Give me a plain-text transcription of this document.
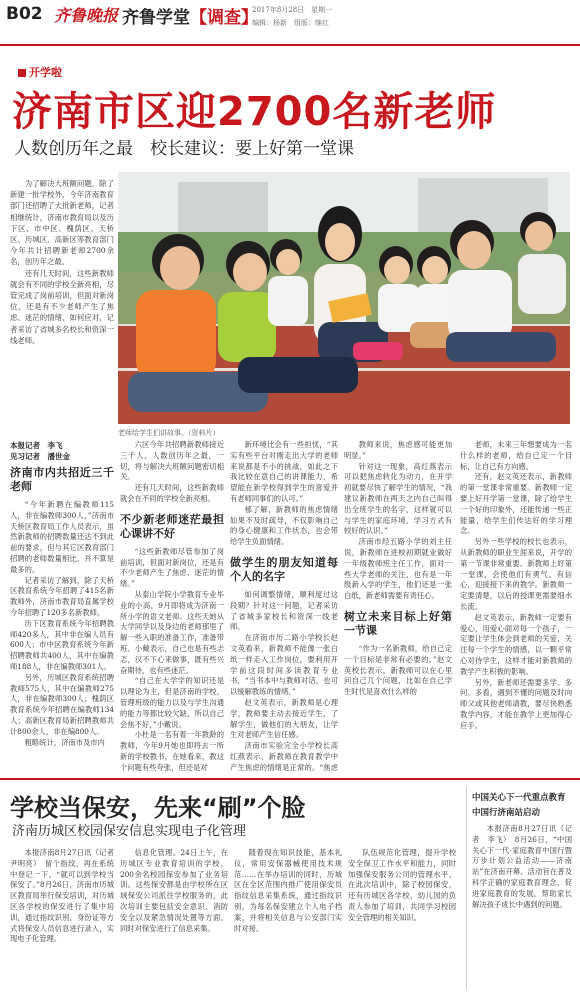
B02 齐鲁晚报 齐鲁学堂【调查】
2017年8月28日　星期一
编辑：杨新　组版：继红
开学啦
济南市区迎2700名新老师
人数创历年之最　校长建议：要上好第一堂课

为了解决大班额问题，除了新建一批学校外，今年济南教育部门还招聘了大批新老师，记者相继统计，济南市教育局以及历下区、市中区、槐荫区、天桥区、历城区、高新区等教育部门今年共计招聘新老师2700余名，创历年之最。

还有几天时间，这些新教师就会有不同的学校全新亮相，尽管完成了岗前培训，但面对新岗位，还是有不少老师产生了焦虑、迷茫的情绪，如何应对，记者采访了省城多名校长和资深一线老师。

老师给学生们讲故事。（资料片）
本报记者　李飞
见习记者　潘世金
济南市内共招近三千老师

“今年新聘在编教师115人，非在编教师300人，”济南市天桥区教育局工作人员表示，虽然新教师的招聘数量还达不到此前的要求，但与其它区教育部门招聘的老师数量相比，并不算是最多的。

记者采访了解到，除了天桥区教育系统今年招聘了415名新教师外，济南市教育局直属学校今年招聘了120多名新教师。

历下区教育系统今年招聘教师420多人，其中非在编人员有600人；市中区教育系统今年新招聘教师共400人，其中在编教师188人，非在编教师301人。

另外，历城区教育系统招聘教师575人，其中在编教师275人，非在编教师300人；槐荫区教育系统今年招聘在编教师134人；高新区教育局新招聘教师共计800余人，非在编800人。

粗略统计，济南市及市内

六区今年共招聘新教师接近三千人，人数创历年之最，一切，将与解决大班额问题密切相关。

还有几天时间，这些新教师就会在不同的学校全新亮相。

不少新老师迷茫最担心课讲不好

“这些新教师尽管参加了岗前培训，但面对新岗位，还是有不少老师产生了焦虑、迷茫的情绪。”

从泰山学院小学教育专业毕业的小高，9月即将成为济南一所小学的语文老师。这些天她从大学同学以及身边的老师那里了解一些入职的准备工作，准备带班、小戴表示，自己也是有些忐忑，汉不下心来做事，既有些兴奋期待，也有些迷茫。

“自己在大学学的知识还是以理论为主，但是济南的学校，管理班级的能力以及与学生沟通的能力等都比较欠缺，所以自己会焦不好，”小戴说。

小杜是一名有着一年教龄的教师，今年9月她也即将去一所新的学校教书，在她看来，教这个问题有些夸张，但还是对

新环境比会有一些担忧，“其实有些平台对刚走出大学的老师来说都是不小的挑战，如此之下我比较在意自己的讲课能力，希望能在新学校得到学生的喜爱并有老师同事们的认可。”

郁了解，新教师的焦虑情绪如果不及时疏导，不仅影响自己的身心健康和工作状态，也会带给学生负面情绪。

做学生的朋友知道每个人的名字

如何调整情绪，顺利度过这段期？针对这一问题，记者采访了省城多家校长和资深一线老师。

在济南市历二路小学校长赵文英看来，新教师不能像一张白纸一样走入工作岗位，要利用开学前这段时间多读教育专业书，“当书本中与教师对话，也可以缓解教练的情绪。”

赵文英表示，新教师是心理学，教师要主动去接近学生，了解学生，做他们的大朋友，让学生对老师产生信任感。

济南市实验完全小学校长高红燕表示，新教师在教育教学中产生焦虑的情绪是正常的。“焦虑

教师来说，焦虑感可能更加明显。”

针对这一现象，高红燕表示可以把焦虑转化为动力，在开学初就要尽快了解学生的情况，“我建议新教师在两天之内自己叫得出全班学生的名字，这样就可以与学生的家庭环境、学习方式有较好的认识。”

济南市经五路小学的刘主任说，新教师在进校初期就业做好一年级教师班主任工作，面对一些大学老师的关注，也有是一年级新入学的学生，他们还是一张白纸，新老师需要有责任心。

树立未来目标上好第一节课

“作为一名新教师，给自己定一个目标是非常有必要的。”赵文英校长表示，新教师可以在心里问自己几个问题，比如在自己学生时代是喜欢什么样的

老师，未来三年想要成为一名什么样的老师，给自己定一个目标，让自己有方向感。

还有，赵文英还表示，新教师的第一堂课非常重要。新教师一定要上好开学第一堂课，除了给学生一个好的印象外，还能传递一些正能量，给学生们传达好的学习理念。

另外一些学校的校长也表示，从新教师的职业生涯来说，开学的第一节课非常重要。新教师上好第一堂课，会使他们有勇气、有信心，迎接接下来的教学。新教师一定要清楚，以后的授课更需要细水长流。

赵文英表示，新教师一定要有爱心，用爱心面对每一个孩子，一定要让学生体会到老师的关爱，关注每一个学生的情感，以一颗平常心对待学生，这样才能对新教师的教学产生积极的影响。

另外，新老师还需要多学、多问、多看，遇到不懂的问题及时向师父或其他老师请教，要尽快熟悉教学内容，才能在教学上更加得心应手。

学校当保安，先来“刷”个脸
济南历城区校园保安信息实现电子化管理
中国关心下一代重点教育
中国行济南站启动

本报济南8月27日讯（记者　尹明亮）　留个指纹，再在系统中登记一下，“就可以到学校当保安了。”8月26日，济南市历城区教育局举行保安培训，对历城区各学校的保安进行了集中培训，通过指纹识别，身份证等方式将保安人员信息进行录入，实现电子化管理。

信息化管理。24日上午，在历城区专业教育培训的学校，200余名校园保安参加了业务培训。这些保安都是由学校所在区域保安公司派往学校服务的，此次培训主要包括安全意识、消防安全以及紧急情况处置等方面，同时对保安进行了信息采集。

随着现在知识技能，基本礼仪，常用安保器械使用技术规范……在举办培训的同时，历城区在全区范围内推广使用保安员指纹信息采集系统，通过指纹识别，为每名保安建立个人电子档案，并将相关信息与公安部门实时对接。

队伍规范化管理，提升学校安全保卫工作水平和能力，同时加强保安服务公司的管理水平。在此次培训中，除了校园保安，还有历城区各学校、幼儿园的负责人参加了培训，共同学习校园安全管理的相关知识。

本报济南8月27日讯（记者　李飞）　8月26日，“中国关心下一代·家庭教育中国行暨万步计划公益活动——济南站”在济南开幕。活动旨在普及科学正确的家庭教育理念，促进家庭教育的发展，帮助家长解决孩子成长中遇到的问题。
